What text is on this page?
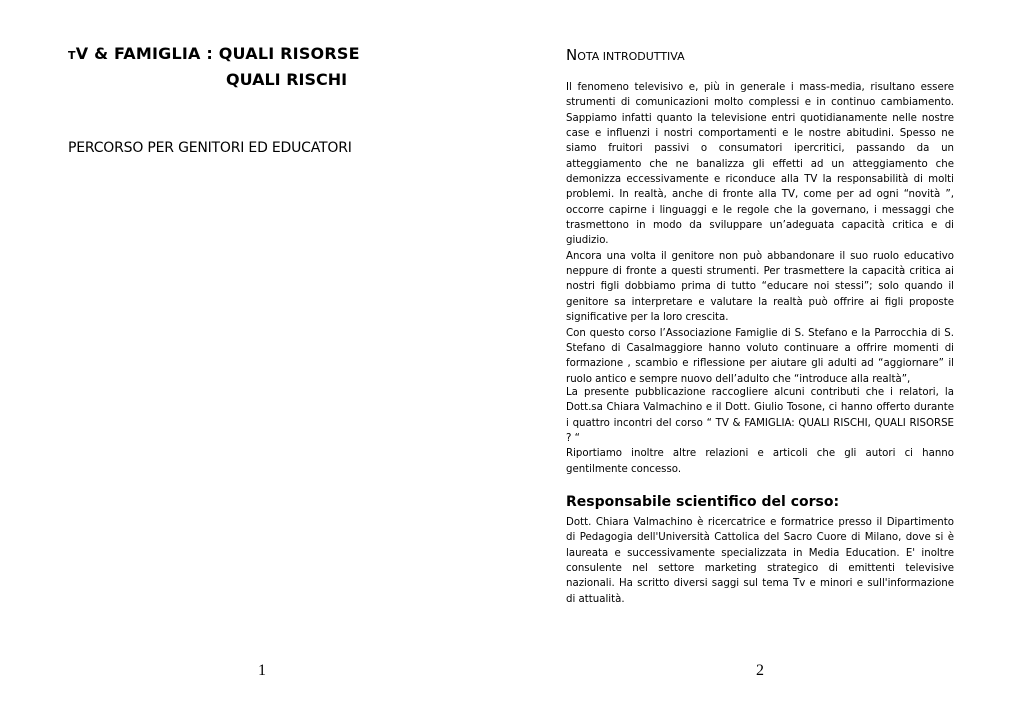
TV & FAMIGLIA : QUALI RISORSE
QUALI RISCHI
PERCORSO PER GENITORI ED EDUCATORI
1
NOTA INTRODUTTIVA

Il fenomeno televisivo e, più in generale i mass-media, risultano essere strumenti di comunicazioni molto complessi e in continuo cambiamento. Sappiamo infatti quanto la televisione entri quotidianamente nelle nostre case e influenzi i nostri comportamenti e le nostre abitudini. Spesso ne siamo fruitori passivi o consumatori ipercritici, passando da un atteggiamento che ne banalizza gli effetti ad un atteggiamento che demonizza eccessivamente e riconduce alla TV la responsabilità di molti problemi. In realtà, anche di fronte alla TV, come per ad ogni “novità ”, occorre capirne i linguaggi e le regole che la governano, i messaggi che trasmettono in modo da sviluppare un’adeguata capacità critica e di giudizio.

Ancora una volta il genitore non può abbandonare il suo ruolo educativo neppure di fronte a questi strumenti. Per trasmettere la capacità critica ai nostri figli dobbiamo prima di tutto “educare noi stessi”; solo quando il genitore sa interpretare e valutare la realtà può offrire ai figli proposte significative per la loro crescita.

Con questo corso l’Associazione Famiglie di S. Stefano e la Parrocchia di S. Stefano di Casalmaggiore hanno voluto continuare a offrire momenti di formazione , scambio e riflessione per aiutare gli adulti ad “aggiornare” il ruolo antico e sempre nuovo dell’adulto che “introduce alla realtà”,

La presente pubblicazione raccogliere alcuni contributi che i relatori, la Dott.sa Chiara Valmachino e il Dott. Giulio Tosone, ci hanno offerto durante i quattro incontri del corso “ TV & FAMIGLIA: QUALI RISCHI, QUALI RISORSE ? “

Riportiamo inoltre altre relazioni e articoli che gli autori ci hanno gentilmente concesso.

Responsabile scientifico del corso:

Dott. Chiara Valmachino è ricercatrice e formatrice presso il Dipartimento di Pedagogia dell'Università Cattolica del Sacro Cuore di Milano, dove si è laureata e successivamente specializzata in Media Education. E' inoltre consulente nel settore marketing strategico di emittenti televisive nazionali. Ha scritto diversi saggi sul tema Tv e minori e sull'informazione di attualità.

2
